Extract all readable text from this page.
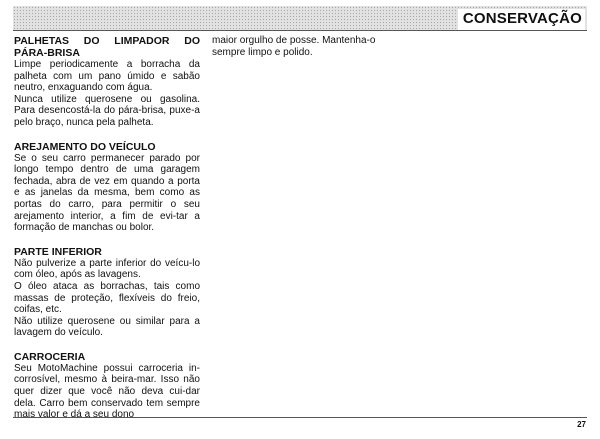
CONSERVAÇÃO

PALHETAS DO LIMPADOR DO PÁRA-BRISA

Limpe periodicamente a borracha da palheta com um pano úmido e sabão neutro, enxaguando com água.

Nunca utilize querosene ou gasolina. Para desencostá-la do pára-brisa, puxe-a pelo braço, nunca pela palheta.

AREJAMENTO DO VEÍCULO

Se o seu carro permanecer parado por longo tempo dentro de uma garagem fechada, abra de vez em quando a porta e as janelas da mesma, bem como as portas do carro, para permitir o seu arejamento interior, a fim de evi-tar a formação de manchas ou bolor.

PARTE INFERIOR

Não pulverize a parte inferior do veícu-lo com óleo, após as lavagens.

O óleo ataca as borrachas, tais como massas de proteção, flexíveis do freio, coifas, etc.

Não utilize querosene ou similar para a lavagem do veículo.

CARROCERIA

Seu MotoMachine possui carroceria in-corrosível, mesmo à beira-mar. Isso não quer dizer que você não deva cui-dar dela. Carro bem conservado tem sempre mais valor e dá a seu dono

maior orgulho de posse. Mantenha-o sempre limpo e polido.

27
